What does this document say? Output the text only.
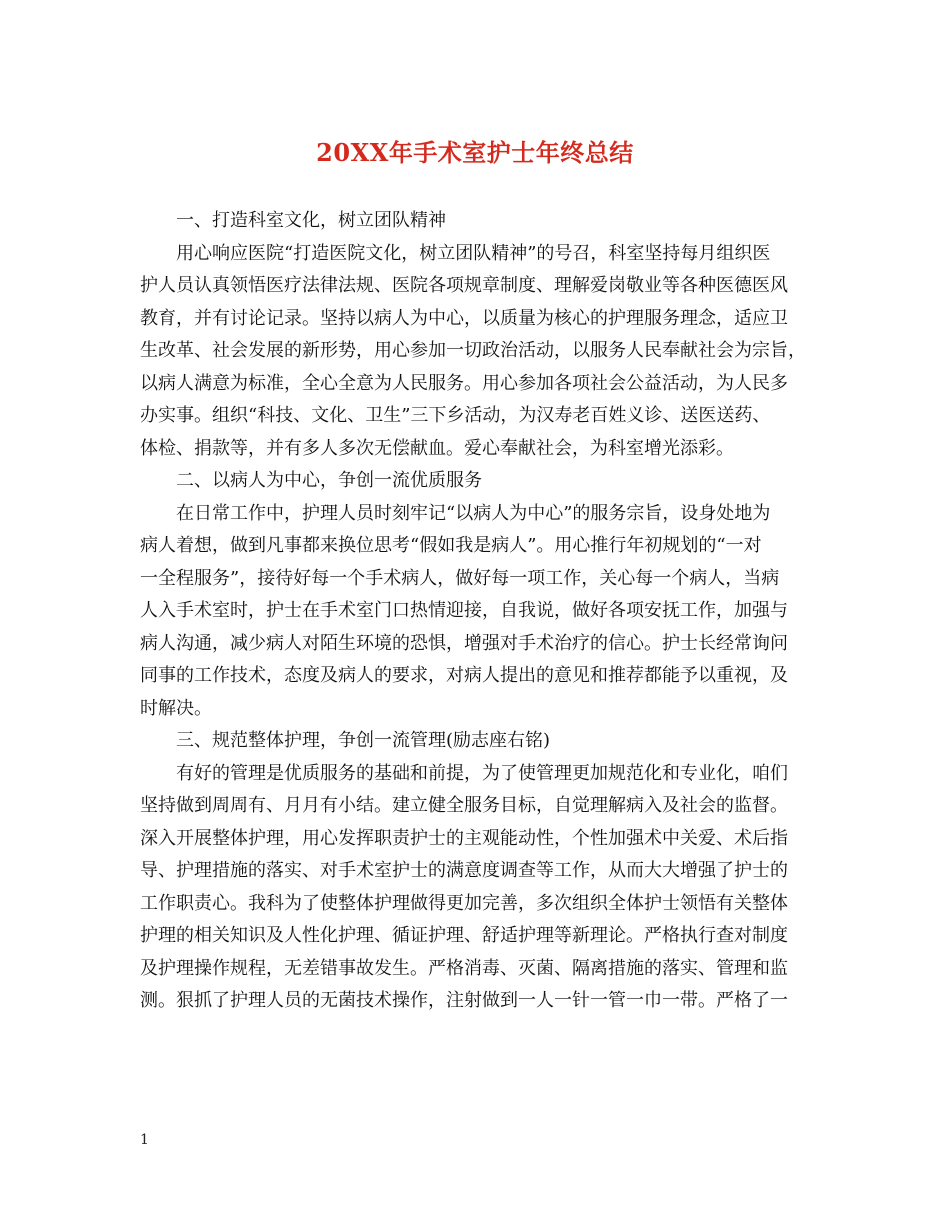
20XX年手术室护士年终总结
一、打造科室文化，树立团队精神
用心响应医院“打造医院文化，树立团队精神”的号召，科室坚持每月组织医
护人员认真领悟医疗法律法规、医院各项规章制度、理解爱岗敬业等各种医德医风
教育，并有讨论记录。坚持以病人为中心，以质量为核心的护理服务理念，适应卫
生改革、社会发展的新形势，用心参加一切政治活动，以服务人民奉献社会为宗旨，
以病人满意为标准，全心全意为人民服务。用心参加各项社会公益活动，为人民多
办实事。组织“科技、文化、卫生”三下乡活动，为汉寿老百姓义诊、送医送药、
体检、捐款等，并有多人多次无偿献血。爱心奉献社会，为科室增光添彩。
二、以病人为中心，争创一流优质服务
在日常工作中，护理人员时刻牢记“以病人为中心”的服务宗旨，设身处地为
病人着想，做到凡事都来换位思考“假如我是病人”。用心推行年初规划的“一对
一全程服务”，接待好每一个手术病人，做好每一项工作，关心每一个病人，当病
人入手术室时，护士在手术室门口热情迎接，自我说，做好各项安抚工作，加强与
病人沟通，减少病人对陌生环境的恐惧，增强对手术治疗的信心。护士长经常询问
同事的工作技术，态度及病人的要求，对病人提出的意见和推荐都能予以重视，及
时解决。
三、规范整体护理，争创一流管理(励志座右铭)
有好的管理是优质服务的基础和前提，为了使管理更加规范化和专业化，咱们
坚持做到周周有、月月有小结。建立健全服务目标，自觉理解病入及社会的监督。
深入开展整体护理，用心发挥职责护士的主观能动性，个性加强术中关爱、术后指
导、护理措施的落实、对手术室护士的满意度调查等工作，从而大大增强了护士的
工作职责心。我科为了使整体护理做得更加完善，多次组织全体护士领悟有关整体
护理的相关知识及人性化护理、循证护理、舒适护理等新理论。严格执行查对制度
及护理操作规程，无差错事故发生。严格消毒、灭菌、隔离措施的落实、管理和监
测。狠抓了护理人员的无菌技术操作，注射做到一人一针一管一巾一带。严格了一
1
